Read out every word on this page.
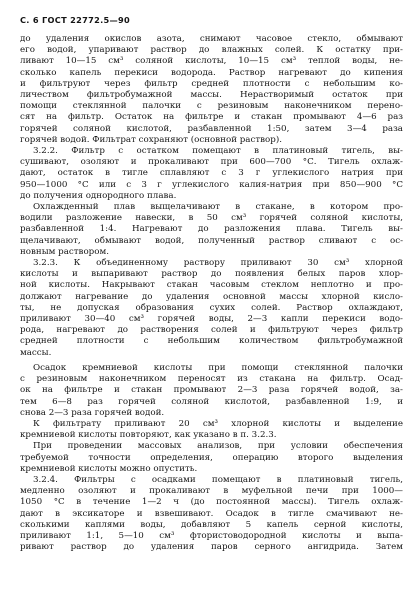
С. 6 ГОСТ 22772.5—90
до удаления окислов азота, снимают часовое стекло, обмывают
его водой, упаривают раствор до влажных солей. К остатку при-
ливают 10—15 см³ соляной кислоты, 10—15 см³ теплой воды, не-
сколько капель перекиси водорода. Раствор нагревают до кипения
и фильтруют через фильтр средней плотности с небольшим ко-
личеством фильтробумажной массы. Нерастворимый остаток при
помощи стеклянной палочки с резиновым наконечником перено-
сят на фильтр. Остаток на фильтре и стакан промывают 4—6 раз
горячей соляной кислотой, разбавленной 1:50, затем 3—4 раза
горячей водой. Фильтрат сохраняют (основной раствор).
3.2.2. Фильтр с остатком помещают в платиновый тигель, вы-
сушивают, озоляют и прокаливают при 600—700 °С. Тигель охлаж-
дают, остаток в тигле сплавляют с 3 г углекислого натрия при
950—1000 °С или с 3 г углекислого калия-натрия при 850—900 °С
до получения однородного плава.
Охлажденный плав выщелачивают в стакане, в котором про-
водили разложение навески, в 50 см³ горячей соляной кислоты,
разбавленной 1:4. Нагревают до разложения плава. Тигель вы-
щелачивают, обмывают водой, полученный раствор сливают с ос-
новным раствором.
3.2.3. К объединенному раствору приливают 30 см³ хлорной
кислоты и выпаривают раствор до появления белых паров хлор-
ной кислоты. Накрывают стакан часовым стеклом неплотно и про-
должают нагревание до удаления основной массы хлорной кисло-
ты, не допуская образования сухих солей. Раствор охлаждают,
приливают 30—40 см³ горячей воды, 2—3 капли перекиси водо-
рода, нагревают до растворения солей и фильтруют через фильтр
средней плотности с небольшим количеством фильтробумажной
массы.
Осадок кремниевой кислоты при помощи стеклянной палочки
с резиновым наконечником переносят из стакана на фильтр. Осад-
ок на фильтре и стакан промывают 2—3 раза горячей водой, за-
тем 6—8 раз горячей соляной кислотой, разбавленной 1:9, и
снова 2—3 раза горячей водой.
К фильтрату приливают 20 см³ хлорной кислоты и выделение
кремниевой кислоты повторяют, как указано в п. 3.2.3.
При проведении массовых анализов, при условии обеспечения
требуемой точности определения, операцию второго выделения
кремниевой кислоты можно опустить.
3.2.4. Фильтры с осадками помещают в платиновый тигель,
медленно озоляют и прокаливают в муфельной печи при 1000—
1050 °С в течение 1—2 ч (до постоянной массы). Тигель охлаж-
дают в эксикаторе и взвешивают. Осадок в тигле смачивают не-
сколькими каплями воды, добавляют 5 капель серной кислоты,
приливают 1:1, 5—10 см³ фтористоводородной кислоты и выпа-
ривают раствор до удаления паров серного ангидрида. Затем
